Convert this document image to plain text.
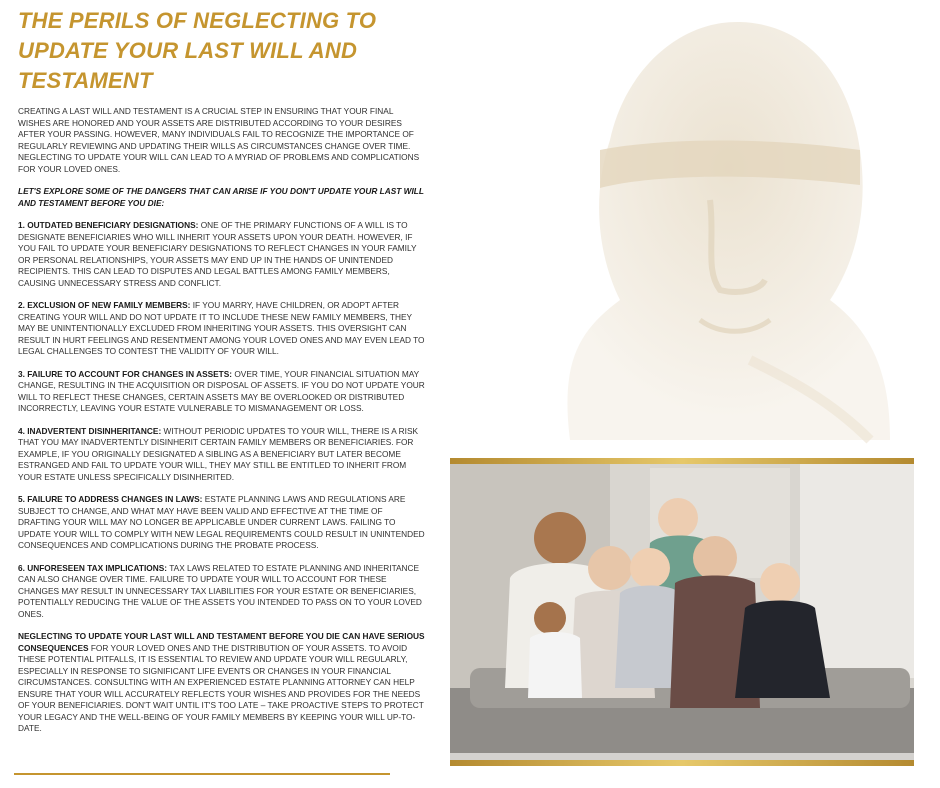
THE PERILS OF NEGLECTING TO UPDATE YOUR LAST WILL AND TESTAMENT

CREATING A LAST WILL AND TESTAMENT IS A CRUCIAL STEP IN ENSURING THAT YOUR FINAL WISHES ARE HONORED AND YOUR ASSETS ARE DISTRIBUTED ACCORDING TO YOUR DESIRES AFTER YOUR PASSING. HOWEVER, MANY INDIVIDUALS FAIL TO RECOGNIZE THE IMPORTANCE OF REGULARLY REVIEWING AND UPDATING THEIR WILLS AS CIRCUMSTANCES CHANGE OVER TIME. NEGLECTING TO UPDATE YOUR WILL CAN LEAD TO A MYRIAD OF PROBLEMS AND COMPLICATIONS FOR YOUR LOVED ONES.

LET'S EXPLORE SOME OF THE DANGERS THAT CAN ARISE IF YOU DON'T UPDATE YOUR LAST WILL AND TESTAMENT BEFORE YOU DIE:

1. OUTDATED BENEFICIARY DESIGNATIONS: ONE OF THE PRIMARY FUNCTIONS OF A WILL IS TO DESIGNATE BENEFICIARIES WHO WILL INHERIT YOUR ASSETS UPON YOUR DEATH. HOWEVER, IF YOU FAIL TO UPDATE YOUR BENEFICIARY DESIGNATIONS TO REFLECT CHANGES IN YOUR FAMILY OR PERSONAL RELATIONSHIPS, YOUR ASSETS MAY END UP IN THE HANDS OF UNINTENDED RECIPIENTS. THIS CAN LEAD TO DISPUTES AND LEGAL BATTLES AMONG FAMILY MEMBERS, CAUSING UNNECESSARY STRESS AND CONFLICT.

2. EXCLUSION OF NEW FAMILY MEMBERS: IF YOU MARRY, HAVE CHILDREN, OR ADOPT AFTER CREATING YOUR WILL AND DO NOT UPDATE IT TO INCLUDE THESE NEW FAMILY MEMBERS, THEY MAY BE UNINTENTIONALLY EXCLUDED FROM INHERITING YOUR ASSETS. THIS OVERSIGHT CAN RESULT IN HURT FEELINGS AND RESENTMENT AMONG YOUR LOVED ONES AND MAY EVEN LEAD TO LEGAL CHALLENGES TO CONTEST THE VALIDITY OF YOUR WILL.

3. FAILURE TO ACCOUNT FOR CHANGES IN ASSETS: OVER TIME, YOUR FINANCIAL SITUATION MAY CHANGE, RESULTING IN THE ACQUISITION OR DISPOSAL OF ASSETS. IF YOU DO NOT UPDATE YOUR WILL TO REFLECT THESE CHANGES, CERTAIN ASSETS MAY BE OVERLOOKED OR DISTRIBUTED INCORRECTLY, LEAVING YOUR ESTATE VULNERABLE TO MISMANAGEMENT OR LOSS.

4. INADVERTENT DISINHERITANCE: WITHOUT PERIODIC UPDATES TO YOUR WILL, THERE IS A RISK THAT YOU MAY INADVERTENTLY DISINHERIT CERTAIN FAMILY MEMBERS OR BENEFICIARIES. FOR EXAMPLE, IF YOU ORIGINALLY DESIGNATED A SIBLING AS A BENEFICIARY BUT LATER BECOME ESTRANGED AND FAIL TO UPDATE YOUR WILL, THEY MAY STILL BE ENTITLED TO INHERIT FROM YOUR ESTATE UNLESS SPECIFICALLY DISINHERITED.

5. FAILURE TO ADDRESS CHANGES IN LAWS: ESTATE PLANNING LAWS AND REGULATIONS ARE SUBJECT TO CHANGE, AND WHAT MAY HAVE BEEN VALID AND EFFECTIVE AT THE TIME OF DRAFTING YOUR WILL MAY NO LONGER BE APPLICABLE UNDER CURRENT LAWS. FAILING TO UPDATE YOUR WILL TO COMPLY WITH NEW LEGAL REQUIREMENTS COULD RESULT IN UNINTENDED CONSEQUENCES AND COMPLICATIONS DURING THE PROBATE PROCESS.

6. UNFORESEEN TAX IMPLICATIONS: TAX LAWS RELATED TO ESTATE PLANNING AND INHERITANCE CAN ALSO CHANGE OVER TIME. FAILURE TO UPDATE YOUR WILL TO ACCOUNT FOR THESE CHANGES MAY RESULT IN UNNECESSARY TAX LIABILITIES FOR YOUR ESTATE OR BENEFICIARIES, POTENTIALLY REDUCING THE VALUE OF THE ASSETS YOU INTENDED TO PASS ON TO YOUR LOVED ONES.

NEGLECTING TO UPDATE YOUR LAST WILL AND TESTAMENT BEFORE YOU DIE CAN HAVE SERIOUS CONSEQUENCES FOR YOUR LOVED ONES AND THE DISTRIBUTION OF YOUR ASSETS. TO AVOID THESE POTENTIAL PITFALLS, IT IS ESSENTIAL TO REVIEW AND UPDATE YOUR WILL REGULARLY, ESPECIALLY IN RESPONSE TO SIGNIFICANT LIFE EVENTS OR CHANGES IN YOUR FINANCIAL CIRCUMSTANCES. CONSULTING WITH AN EXPERIENCED ESTATE PLANNING ATTORNEY CAN HELP ENSURE THAT YOUR WILL ACCURATELY REFLECTS YOUR WISHES AND PROVIDES FOR THE NEEDS OF YOUR BENEFICIARIES. DON'T WAIT UNTIL IT'S TOO LATE – TAKE PROACTIVE STEPS TO PROTECT YOUR LEGACY AND THE WELL-BEING OF YOUR FAMILY MEMBERS BY KEEPING YOUR WILL UP-TO-DATE.
